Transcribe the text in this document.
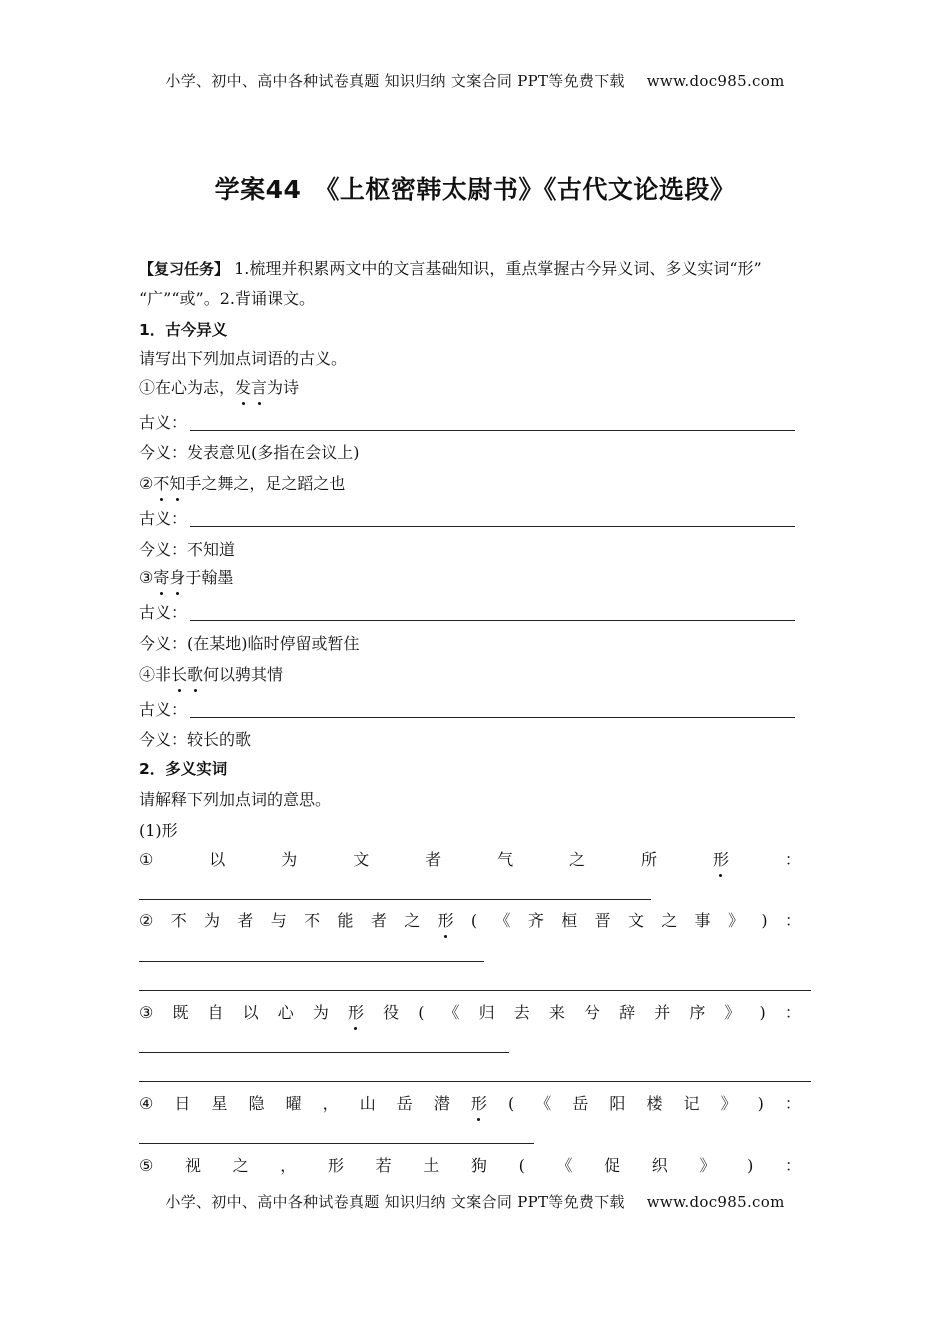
小学、初中、高中各种试卷真题 知识归纳 文案合同 PPT等免费下载 www.doc985.com
学案44　《上枢密韩太尉书》《古代文论选段》
【复习任务】 1.梳理并积累两文中的文言基础知识，重点掌握古今异义词、多义实词“形”
“广”“或”。2.背诵课文。
1．古今异义
请写出下列加点词语的古义。
①在心为志，发言为诗
古义：
今义：发表意见(多指在会议上)
②不知手之舞之，足之蹈之也
古义：
今义：不知道
③寄身于翰墨
古义：
今义：(在某地)临时停留或暂住
④非长歌何以骋其情
古义：
今义：较长的歌
2．多义实词
请解释下列加点词的意思。
(1)形
①	以	为	文	者	气	之	所	形	：
② 不 为 者 与 不 能 者 之 形 ( 《 齐 桓 晋 文 之 事 》 ) ：
③ 既 自 以 心 为 形 役 ( 《 归 去 来 兮 辞 并 序 》 ) ：
④ 日 星 隐 曜 ， 山 岳 潜 形 ( 《 岳 阳 楼 记 》 ) ：
⑤ 视 之 ， 形 若 土 狗 ( 《 促 织 》 ) ：
小学、初中、高中各种试卷真题 知识归纳 文案合同 PPT等免费下载 www.doc985.com
